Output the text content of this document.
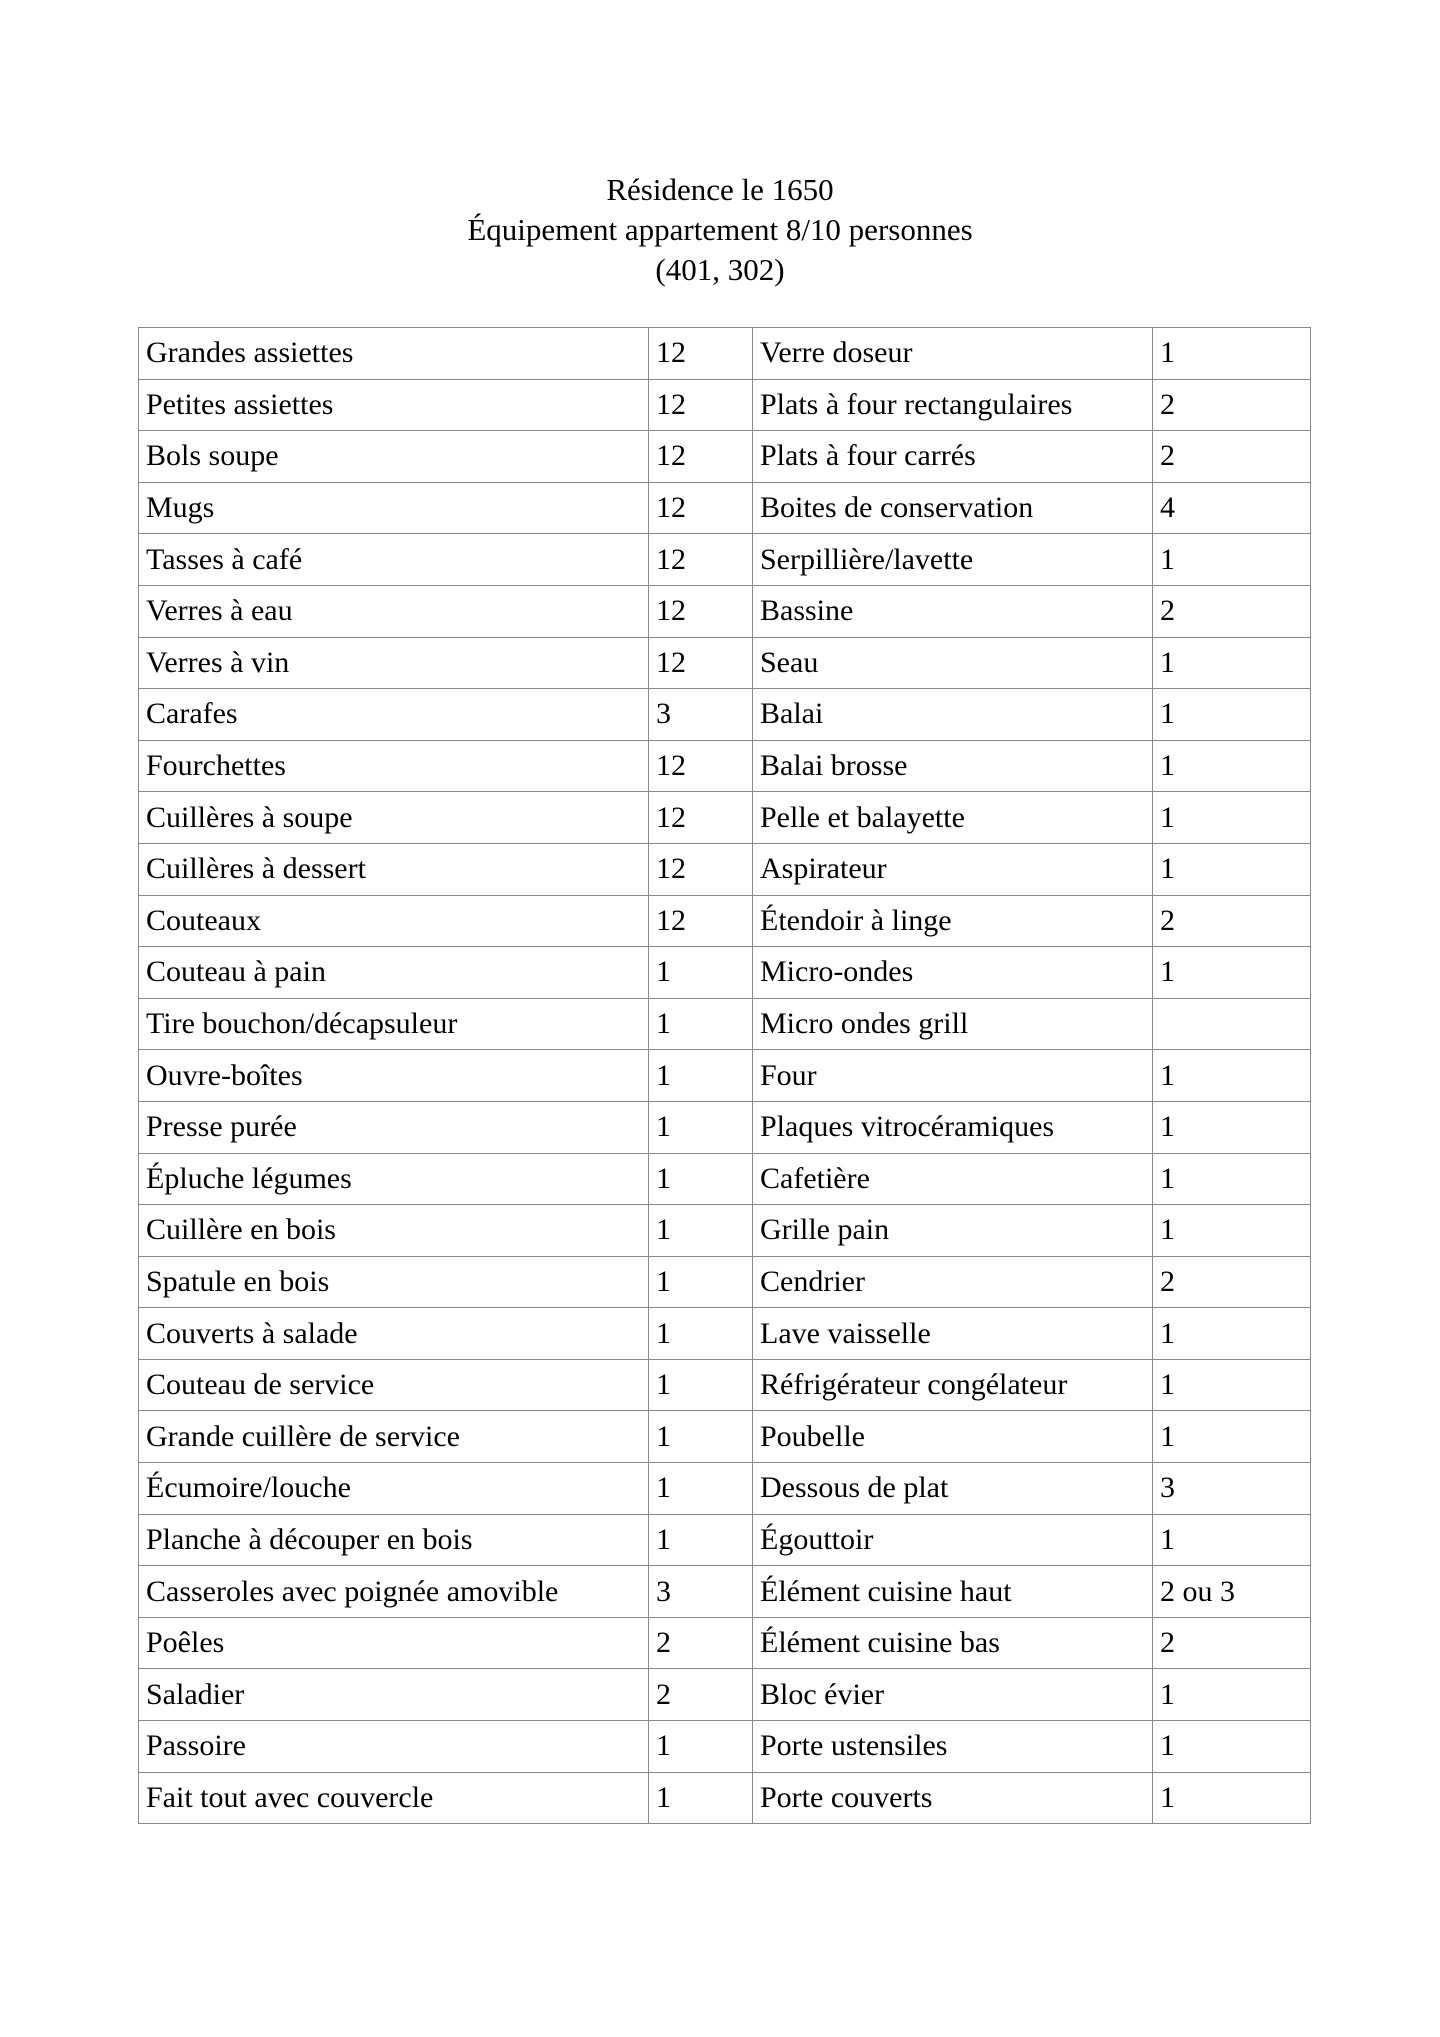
Résidence le 1650
Équipement appartement 8/10 personnes
(401, 302)
Grandes assiettes	12	Verre doseur	1
Petites assiettes	12	Plats à four rectangulaires	2
Bols soupe	12	Plats à four carrés	2
Mugs	12	Boites de conservation	4
Tasses à café	12	Serpillière/lavette	1
Verres à eau	12	Bassine	2
Verres à vin	12	Seau	1
Carafes	3	Balai	1
Fourchettes	12	Balai brosse	1
Cuillères à soupe	12	Pelle et balayette	1
Cuillères à dessert	12	Aspirateur	1
Couteaux	12	Étendoir à linge	2
Couteau à pain	1	Micro-ondes	1
Tire bouchon/décapsuleur	1	Micro ondes grill	
Ouvre-boîtes	1	Four	1
Presse purée	1	Plaques vitrocéramiques	1
Épluche légumes	1	Cafetière	1
Cuillère en bois	1	Grille pain	1
Spatule en bois	1	Cendrier	2
Couverts à salade	1	Lave vaisselle	1
Couteau de service	1	Réfrigérateur congélateur	1
Grande cuillère de service	1	Poubelle	1
Écumoire/louche	1	Dessous de plat	3
Planche à découper en bois	1	Égouttoir	1
Casseroles avec poignée amovible	3	Élément cuisine haut	2 ou 3
Poêles	2	Élément cuisine bas	2
Saladier	2	Bloc évier	1
Passoire	1	Porte ustensiles	1
Fait tout avec couvercle	1	Porte couverts	1
